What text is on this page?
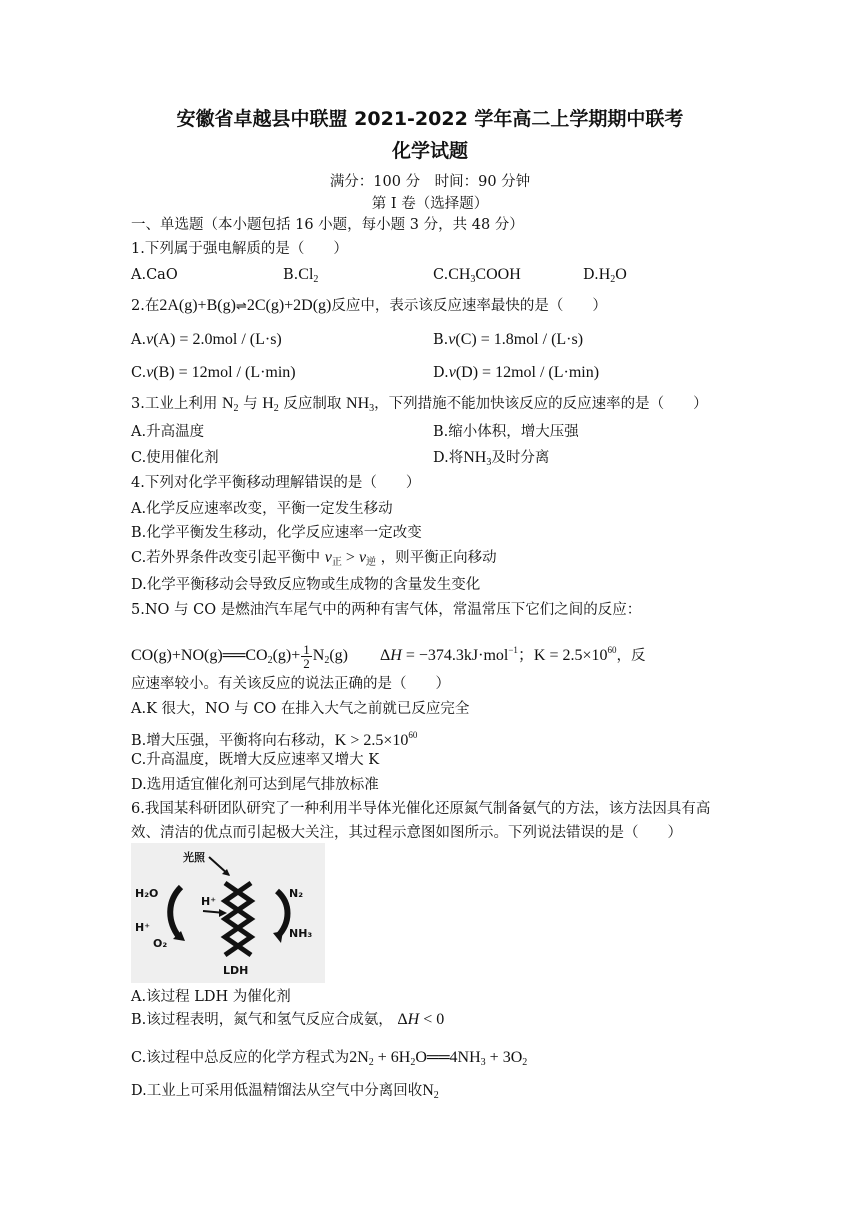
安徽省卓越县中联盟 2021-2022 学年高二上学期期中联考
化学试题
满分：100 分　时间：90 分钟
第 I 卷（选择题）
一、单选题（本小题包括 16 小题，每小题 3 分，共 48 分）
1.下列属于强电解质的是（　　）
A.CaO	$B.Cl_2$	$C.CH_3COOH$	$D.H_2O$
2.在2A(g)+B(g)⇌2C(g)+2D(g)反应中，表示该反应速率最快的是（　　）
A.v(A) = 2.0mol / (L·s)	B.v(C) = 1.8mol / (L·s)
C.v(B) = 12mol / (L·min)	D.v(D) = 12mol / (L·min)
3.工业上利用 $N_2$ 与 $H_2$ 反应制取 $NH_3$，下列措施不能加快该反应的反应速率的是（　　）
A.升高温度	B.缩小体积，增大压强
C.使用催化剂	D.将$NH_3$及时分离
4.下列对化学平衡移动理解错误的是（　　）
A.化学反应速率改变，平衡一定发生移动
B.化学平衡发生移动，化学反应速率一定改变
C.若外界条件改变引起平衡中 $v_正 > v_逆$ ，则平衡正向移动
D.化学平衡移动会导致反应物或生成物的含量发生变化
5.NO 与 CO 是燃油汽车尾气中的两种有害气体，常温常压下它们之间的反应：
$CO(g)+NO(g)══CO_2(g)+ \frac{1}{2} N_2(g)$　　ΔH = −374.3kJ·mol$^{-1}$；$K = 2.5\times 10^{60}$，反
应速率较小。有关该反应的说法正确的是（　　）
A.K 很大，NO 与 CO 在排入大气之前就已反应完全
B.增大压强，平衡将向右移动，$K > 2.5\times 10^{60}$
C.升高温度，既增大反应速率又增大 K
D.选用适宜催化剂可达到尾气排放标准
6.我国某科研团队研究了一种利用半导体光催化还原氮气制备氨气的方法，该方法因具有高
效、清洁的优点而引起极大关注，其过程示意图如图所示。下列说法错误的是（　　）
光照
LDH
H₂O
H⁺
O₂
H⁺
N₂
NH₃
A.该过程 LDH 为催化剂
B.该过程表明，氮气和氢气反应合成氨， ΔH < 0
C.该过程中总反应的化学方程式为$2N_2$ + $6H_2O══4NH_3 + 3O_2$
D.工业上可采用低温精馏法从空气中分离回收$N_2$
